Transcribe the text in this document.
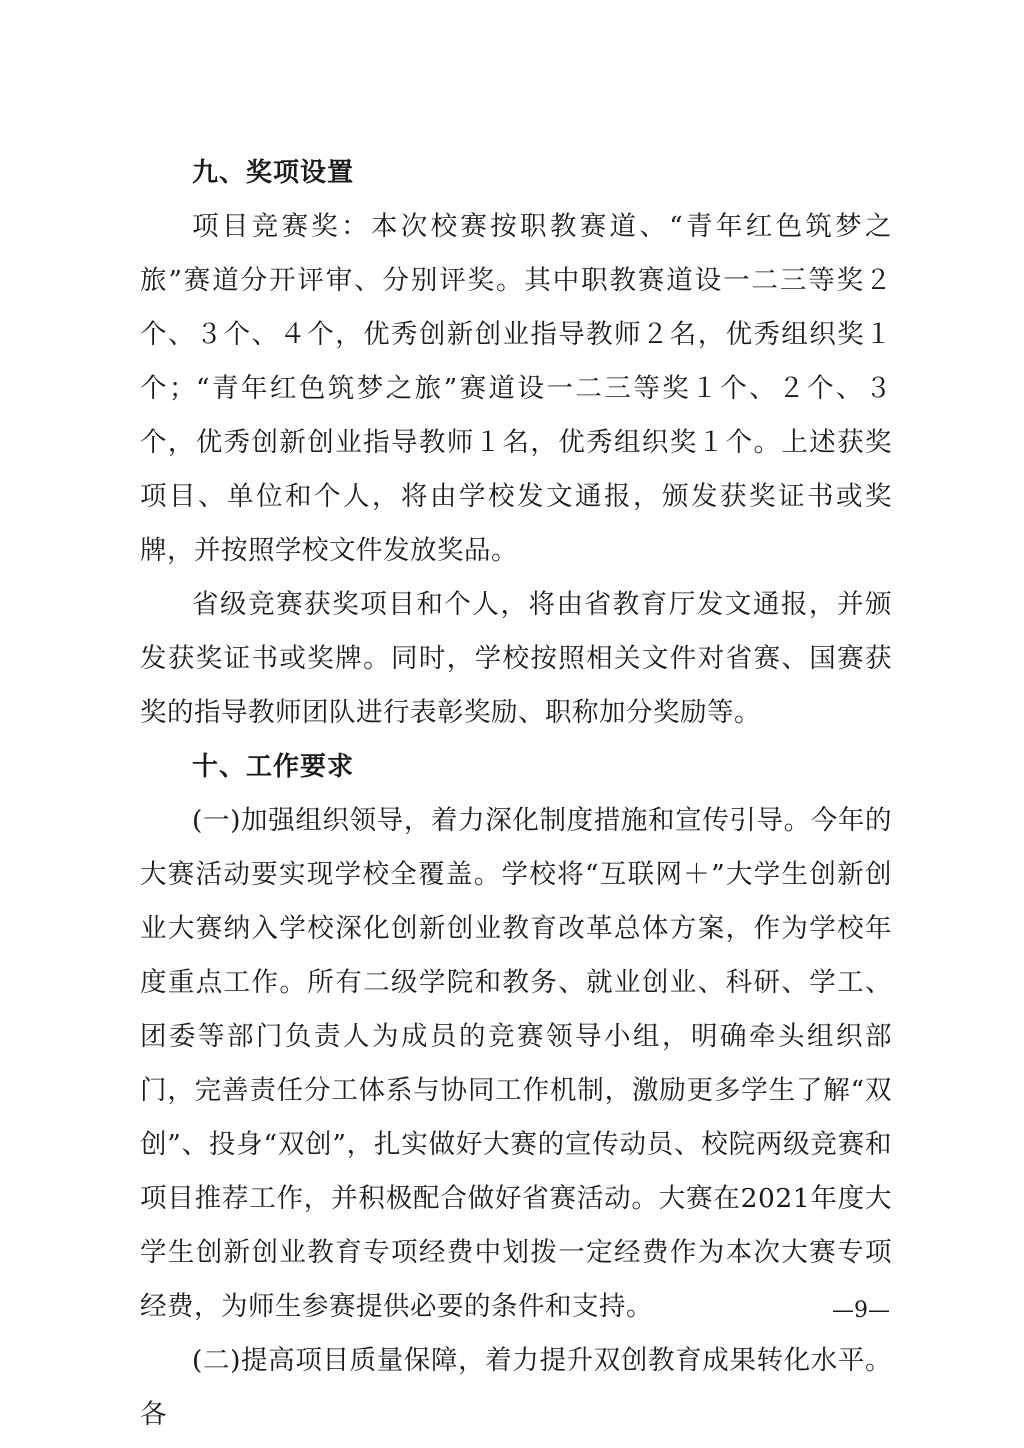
九、奖项设置

项目竞赛奖：本次校赛按职教赛道、“青年红色筑梦之旅”赛道分开评审、分别评奖。其中职教赛道设一二三等奖２个、３个、４个，优秀创新创业指导教师２名，优秀组织奖１个；“青年红色筑梦之旅”赛道设一二三等奖１个、２个、３个，优秀创新创业指导教师１名，优秀组织奖１个。上述获奖项目、单位和个人，将由学校发文通报，颁发获奖证书或奖牌，并按照学校文件发放奖品。

省级竞赛获奖项目和个人，将由省教育厅发文通报，并颁发获奖证书或奖牌。同时，学校按照相关文件对省赛、国赛获奖的指导教师团队进行表彰奖励、职称加分奖励等。

十、工作要求

(一)加强组织领导，着力深化制度措施和宣传引导。今年的大赛活动要实现学校全覆盖。学校将“互联网＋”大学生创新创业大赛纳入学校深化创新创业教育改革总体方案，作为学校年度重点工作。所有二级学院和教务、就业创业、科研、学工、团委等部门负责人为成员的竞赛领导小组，明确牵头组织部门，完善责任分工体系与协同工作机制，激励更多学生了解“双创”、投身“双创”，扎实做好大赛的宣传动员、校院两级竞赛和项目推荐工作，并积极配合做好省赛活动。大赛在2021年度大学生创新创业教育专项经费中划拨一定经费作为本次大赛专项经费，为师生参赛提供必要的条件和支持。

(二)提高项目质量保障，着力提升双创教育成果转化水平。各

—9—
